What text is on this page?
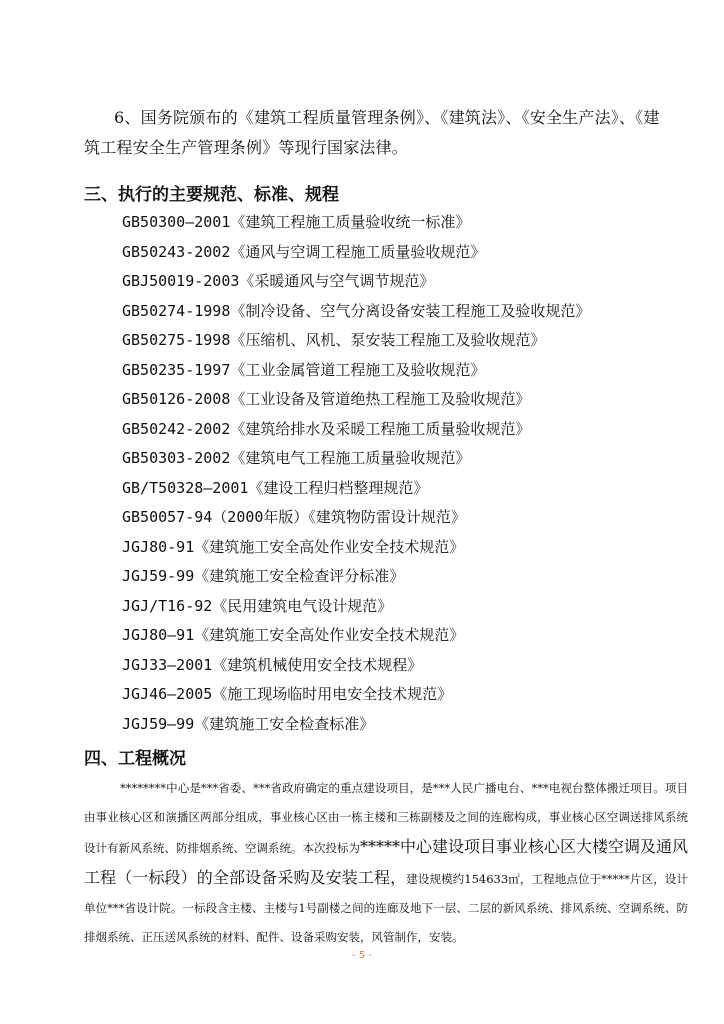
6、国务院颁布的《建筑工程质量管理条例》、《建筑法》、《安全生产法》、《建
筑工程安全生产管理条例》等现行国家法律。

三、执行的主要规范、标准、规程
GB50300—2001《建筑工程施工质量验收统一标准》
GB50243-2002《通风与空调工程施工质量验收规范》
GBJ50019-2003《采暖通风与空气调节规范》
GB50274-1998《制冷设备、空气分离设备安装工程施工及验收规范》
GB50275-1998《压缩机、风机、泵安装工程施工及验收规范》
GB50235-1997《工业金属管道工程施工及验收规范》
GB50126-2008《工业设备及管道绝热工程施工及验收规范》
GB50242-2002《建筑给排水及采暖工程施工质量验收规范》
GB50303-2002《建筑电气工程施工质量验收规范》
GB/T50328—2001《建设工程归档整理规范》
GB50057-94（2000年版）《建筑物防雷设计规范》
JGJ80-91《建筑施工安全高处作业安全技术规范》
JGJ59-99《建筑施工安全检查评分标准》
JGJ/T16-92《民用建筑电气设计规范》
JGJ80—91《建筑施工安全高处作业安全技术规范》
JGJ33—2001《建筑机械使用安全技术规程》
JGJ46—2005《施工现场临时用电安全技术规范》
JGJ59—99《建筑施工安全检查标准》
四、工程概况

********中心是***省委、***省政府确定的重点建设项目，是***人民广播电台、***电视台整体搬迁项目。项目由事业核心区和演播区两部分组成，事业核心区由一栋主楼和三栋副楼及之间的连廊构成，事业核心区空调送排风系统设计有新风系统、防排烟系统、空调系统。本次投标为*****中心建设项目事业核心区大楼空调及通风工程（一标段）的全部设备采购及安装工程，建设规模约154633㎡，工程地点位于*****片区，设计单位***省设计院。一标段含主楼、主楼与1号副楼之间的连廊及地下一层、二层的新风系统、排风系统、空调系统、防排烟系统、正压送风系统的材料、配件、设备采购安装，风管制作，安装。

- 5 -
